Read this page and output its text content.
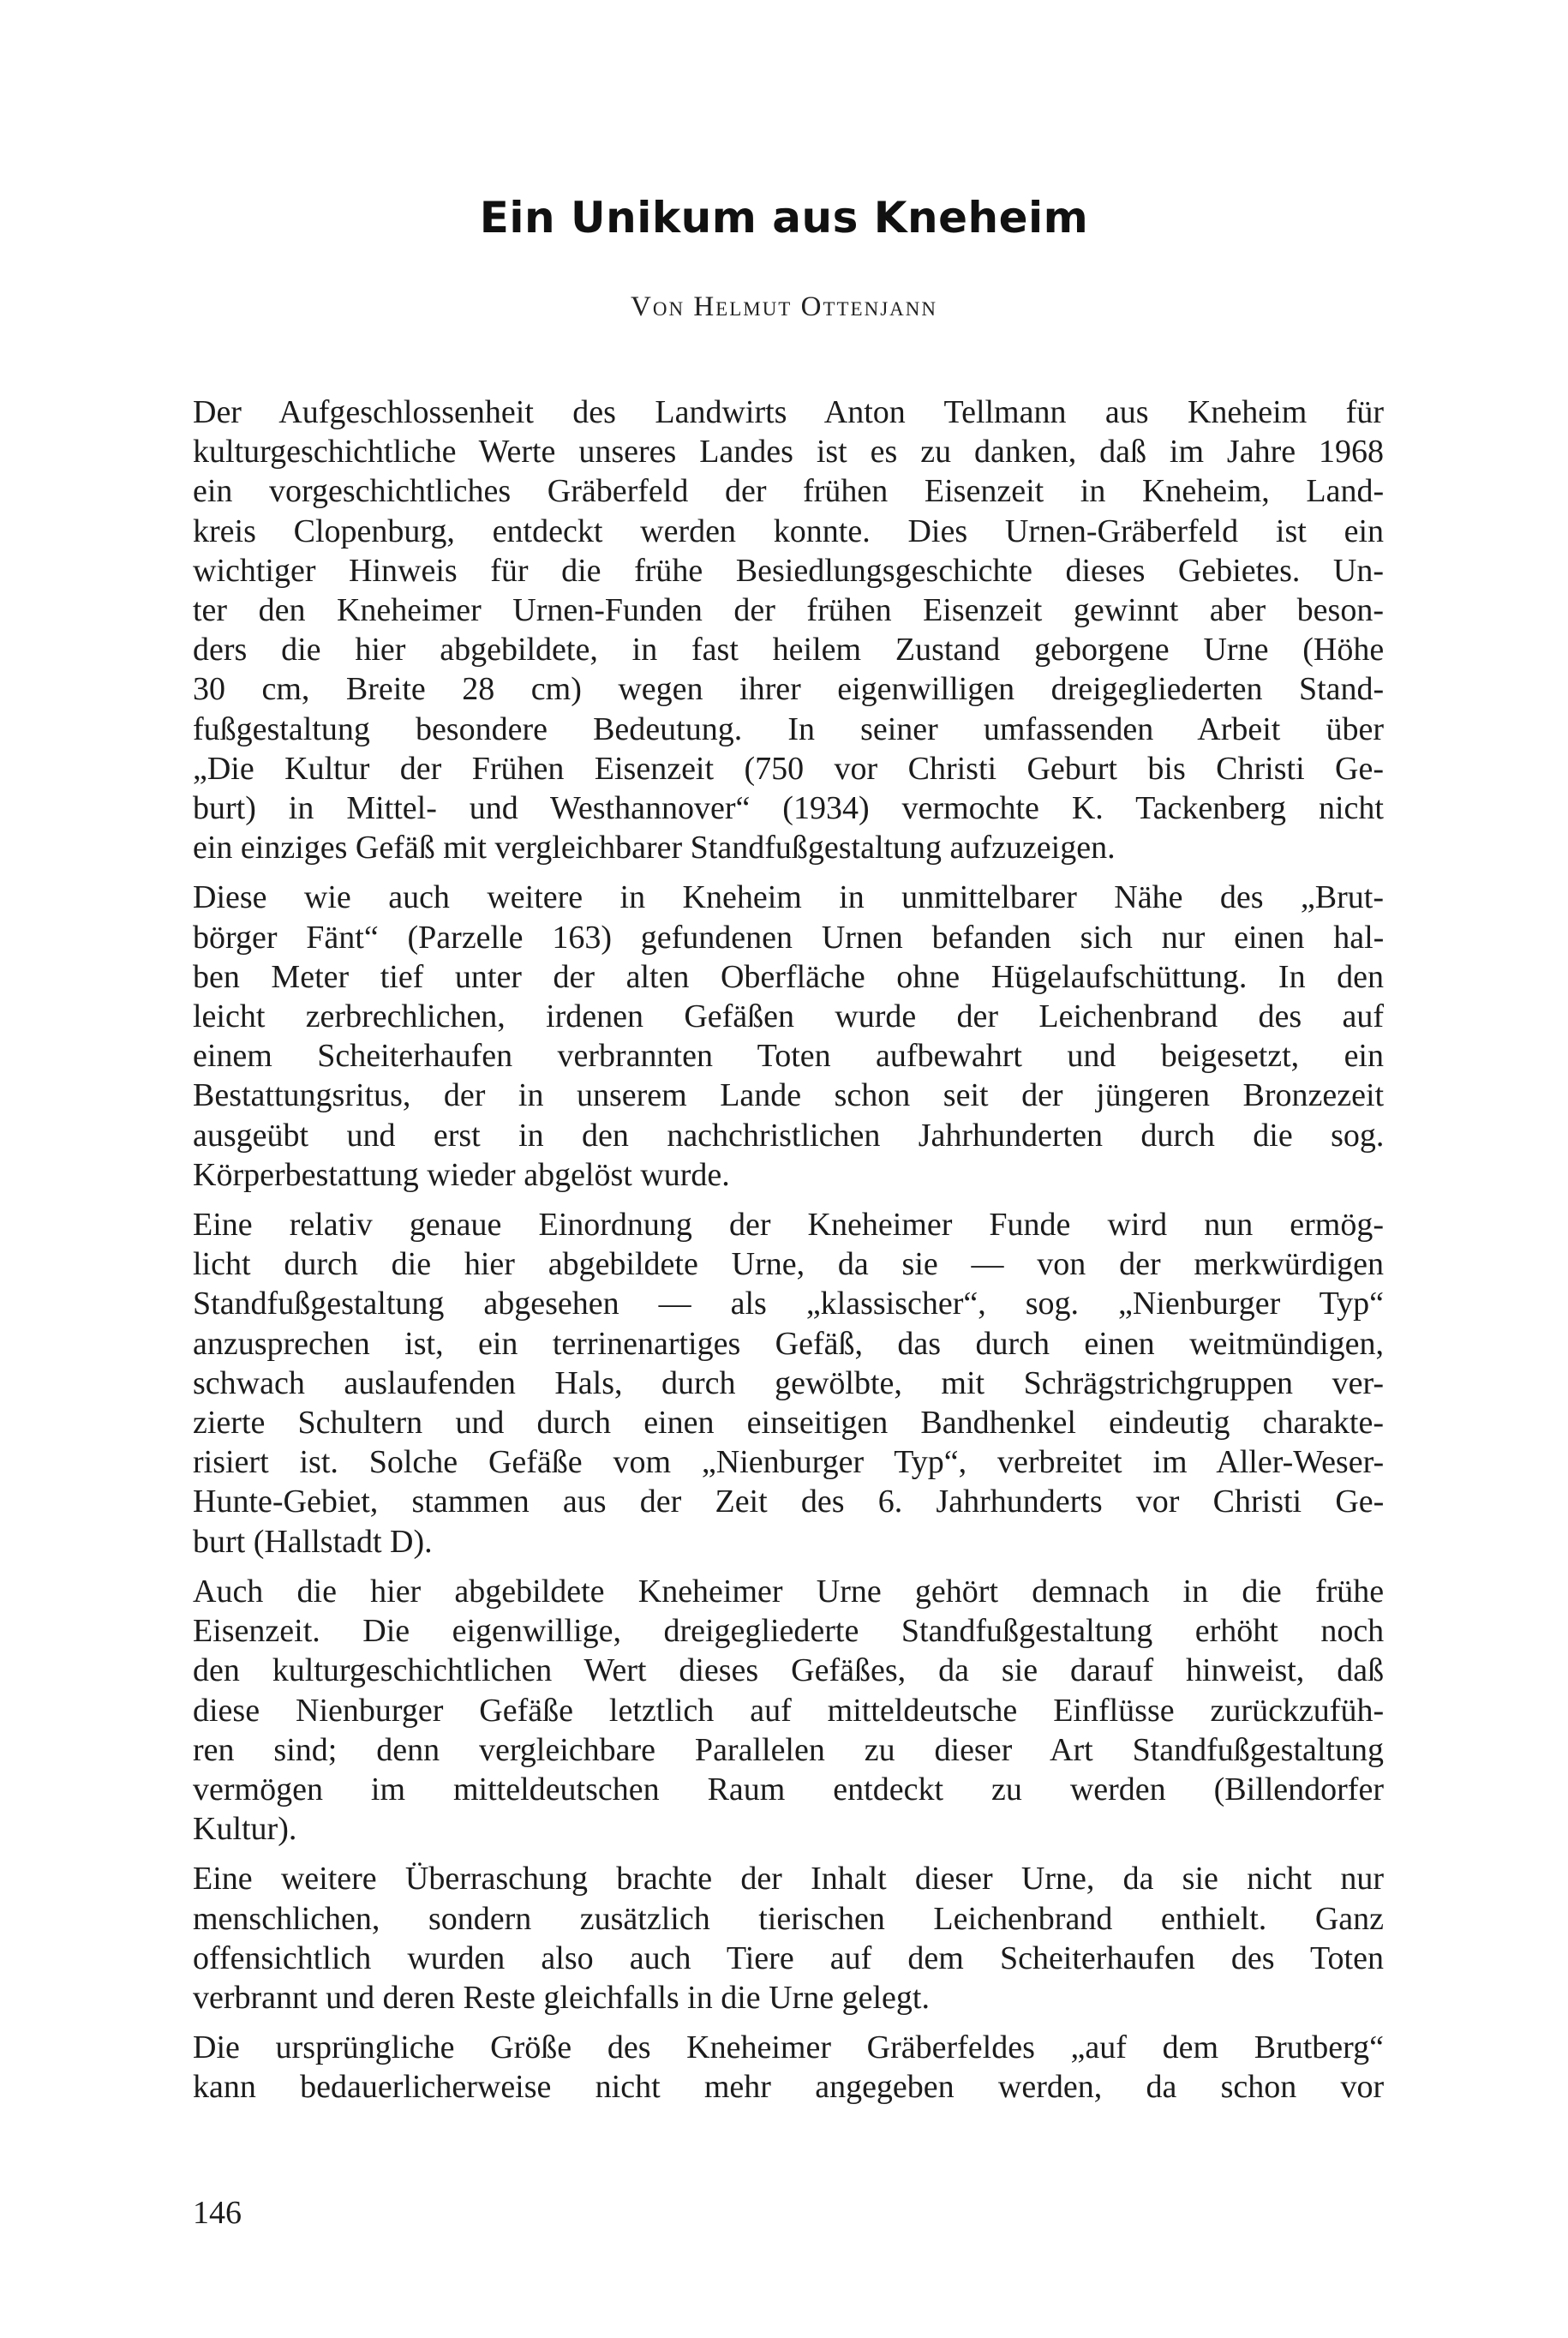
Ein Unikum aus Kneheim
Von Helmut Ottenjann

Der Aufgeschlossenheit des Landwirts Anton Tellmann aus Kneheim für
kulturgeschichtliche Werte unseres Landes ist es zu danken, daß im Jahre 1968
ein vorgeschichtliches Gräberfeld der frühen Eisenzeit in Kneheim, Land-
kreis Clopenburg, entdeckt werden konnte. Dies Urnen-Gräberfeld ist ein
wichtiger Hinweis für die frühe Besiedlungsgeschichte dieses Gebietes. Un-
ter den Kneheimer Urnen-Funden der frühen Eisenzeit gewinnt aber beson-
ders die hier abgebildete, in fast heilem Zustand geborgene Urne (Höhe
30 cm, Breite 28 cm) wegen ihrer eigenwilligen dreigegliederten Stand-
fußgestaltung besondere Bedeutung. In seiner umfassenden Arbeit über
„Die Kultur der Frühen Eisenzeit (750 vor Christi Geburt bis Christi Ge-
burt) in Mittel- und Westhannover“ (1934) vermochte K. Tackenberg nicht
ein einziges Gefäß mit vergleichbarer Standfußgestaltung aufzuzeigen.

Diese wie auch weitere in Kneheim in unmittelbarer Nähe des „Brut-
börger Fänt“ (Parzelle 163) gefundenen Urnen befanden sich nur einen hal-
ben Meter tief unter der alten Oberfläche ohne Hügelaufschüttung. In den
leicht zerbrechlichen, irdenen Gefäßen wurde der Leichenbrand des auf
einem Scheiterhaufen verbrannten Toten aufbewahrt und beigesetzt, ein
Bestattungsritus, der in unserem Lande schon seit der jüngeren Bronzezeit
ausgeübt und erst in den nachchristlichen Jahrhunderten durch die sog.
Körperbestattung wieder abgelöst wurde.

Eine relativ genaue Einordnung der Kneheimer Funde wird nun ermög-
licht durch die hier abgebildete Urne, da sie — von der merkwürdigen
Standfußgestaltung abgesehen — als „klassischer“, sog. „Nienburger Typ“
anzusprechen ist, ein terrinenartiges Gefäß, das durch einen weitmündigen,
schwach auslaufenden Hals, durch gewölbte, mit Schrägstrichgruppen ver-
zierte Schultern und durch einen einseitigen Bandhenkel eindeutig charakte-
risiert ist. Solche Gefäße vom „Nienburger Typ“, verbreitet im Aller-Weser-
Hunte-Gebiet, stammen aus der Zeit des 6. Jahrhunderts vor Christi Ge-
burt (Hallstadt D).

Auch die hier abgebildete Kneheimer Urne gehört demnach in die frühe
Eisenzeit. Die eigenwillige, dreigegliederte Standfußgestaltung erhöht noch
den kulturgeschichtlichen Wert dieses Gefäßes, da sie darauf hinweist, daß
diese Nienburger Gefäße letztlich auf mitteldeutsche Einflüsse zurückzufüh-
ren sind; denn vergleichbare Parallelen zu dieser Art Standfußgestaltung
vermögen im mitteldeutschen Raum entdeckt zu werden (Billendorfer
Kultur).

Eine weitere Überraschung brachte der Inhalt dieser Urne, da sie nicht nur
menschlichen, sondern zusätzlich tierischen Leichenbrand enthielt. Ganz
offensichtlich wurden also auch Tiere auf dem Scheiterhaufen des Toten
verbrannt und deren Reste gleichfalls in die Urne gelegt.

Die ursprüngliche Größe des Kneheimer Gräberfeldes „auf dem Brutberg“
kann bedauerlicherweise nicht mehr angegeben werden, da schon vor

146
